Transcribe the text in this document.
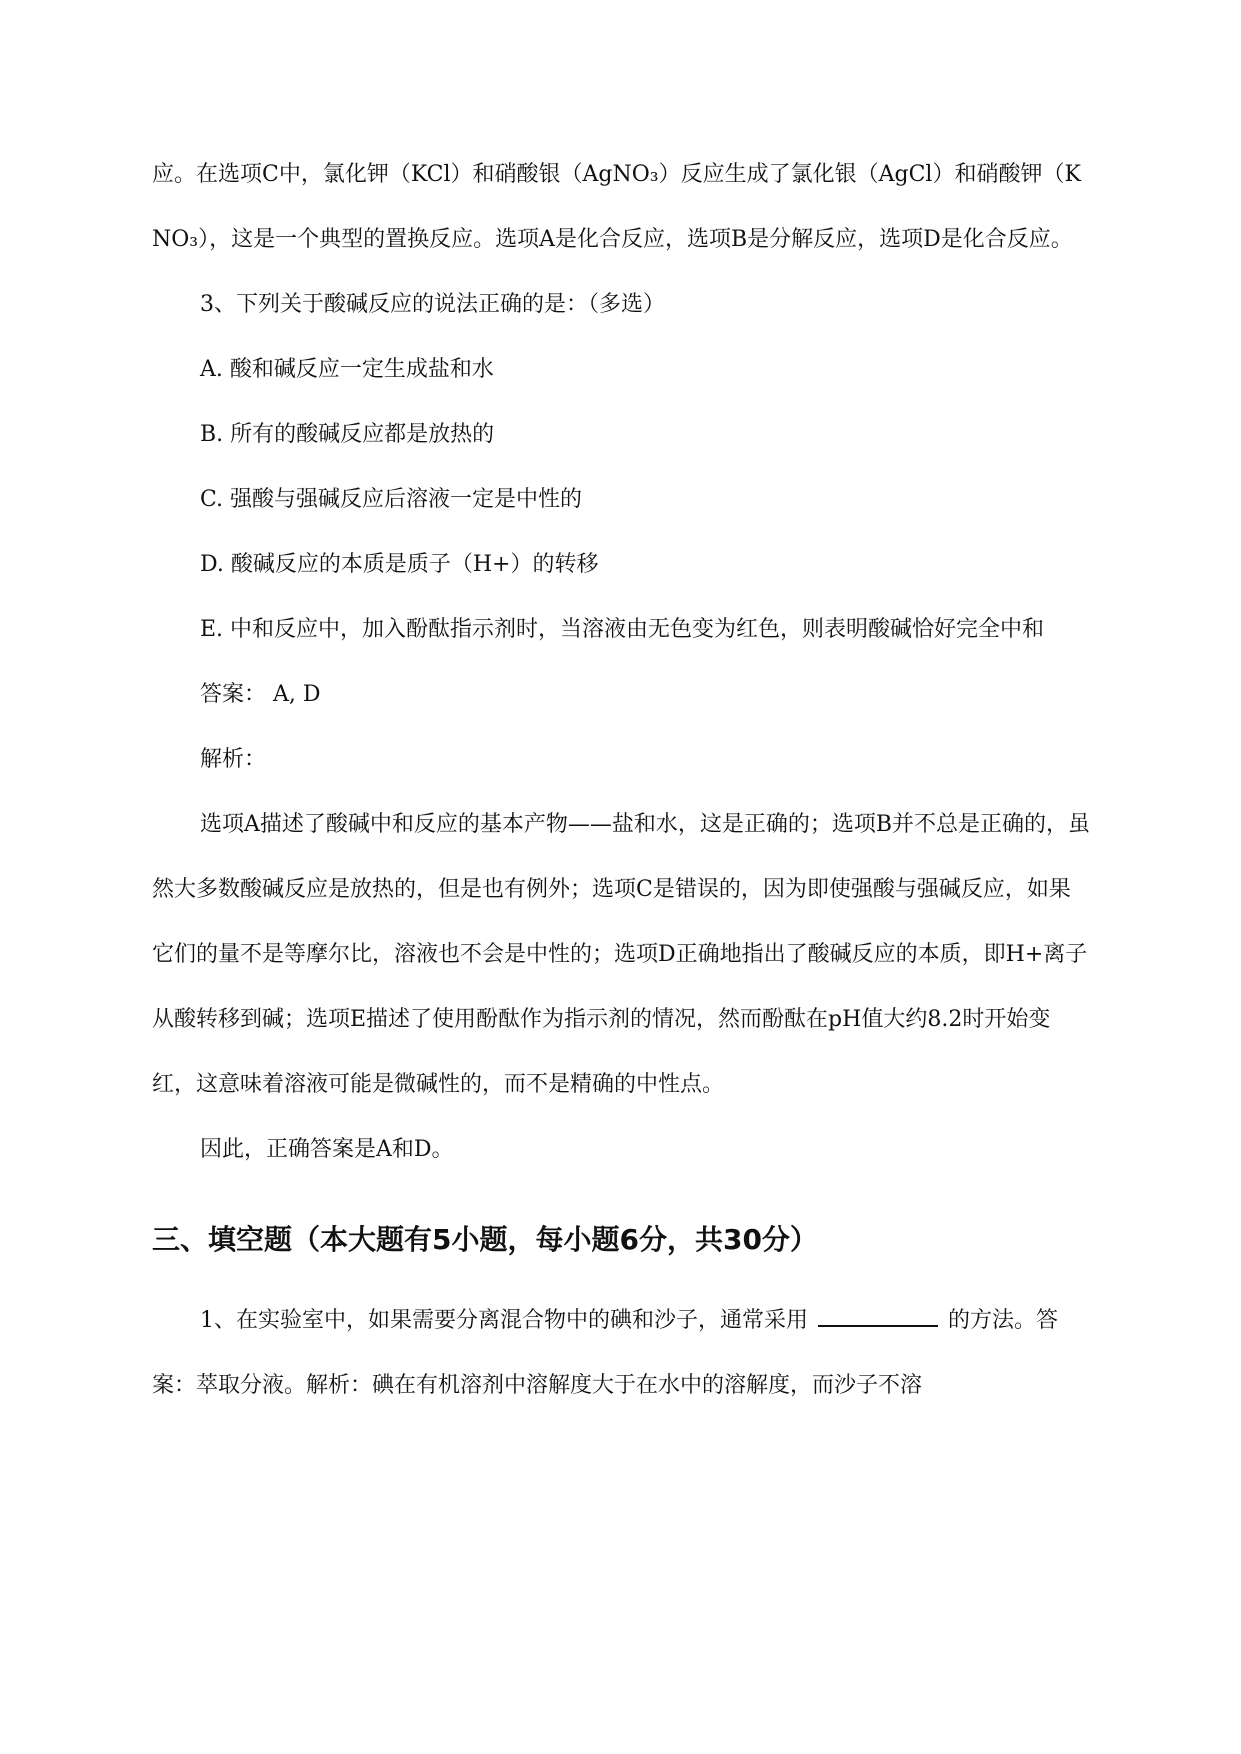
应。在选项C中，氯化钾（KCl）和硝酸银（AgNO₃）反应生成了氯化银（AgCl）和硝酸钾（KNO₃），这是一个典型的置换反应。选项A是化合反应，选项B是分解反应，选项D是化合反应。

3、下列关于酸碱反应的说法正确的是：（多选）

A. 酸和碱反应一定生成盐和水

B. 所有的酸碱反应都是放热的

C. 强酸与强碱反应后溶液一定是中性的

D. 酸碱反应的本质是质子（H+）的转移

E. 中和反应中，加入酚酞指示剂时，当溶液由无色变为红色，则表明酸碱恰好完全中和

答案： A, D

解析：

选项A描述了酸碱中和反应的基本产物——盐和水，这是正确的；选项B并不总是正确的，虽然大多数酸碱反应是放热的，但是也有例外；选项C是错误的，因为即使强酸与强碱反应，如果它们的量不是等摩尔比，溶液也不会是中性的；选项D正确地指出了酸碱反应的本质，即H+离子从酸转移到碱；选项E描述了使用酚酞作为指示剂的情况，然而酚酞在pH值大约8.2时开始变红，这意味着溶液可能是微碱性的，而不是精确的中性点。

因此，正确答案是A和D。

三、填空题（本大题有5小题，每小题6分，共30分）

1、在实验室中，如果需要分离混合物中的碘和沙子，通常采用	的方法。答案：萃取分液。解析：碘在有机溶剂中溶解度大于在水中的溶解度，而沙子不溶
